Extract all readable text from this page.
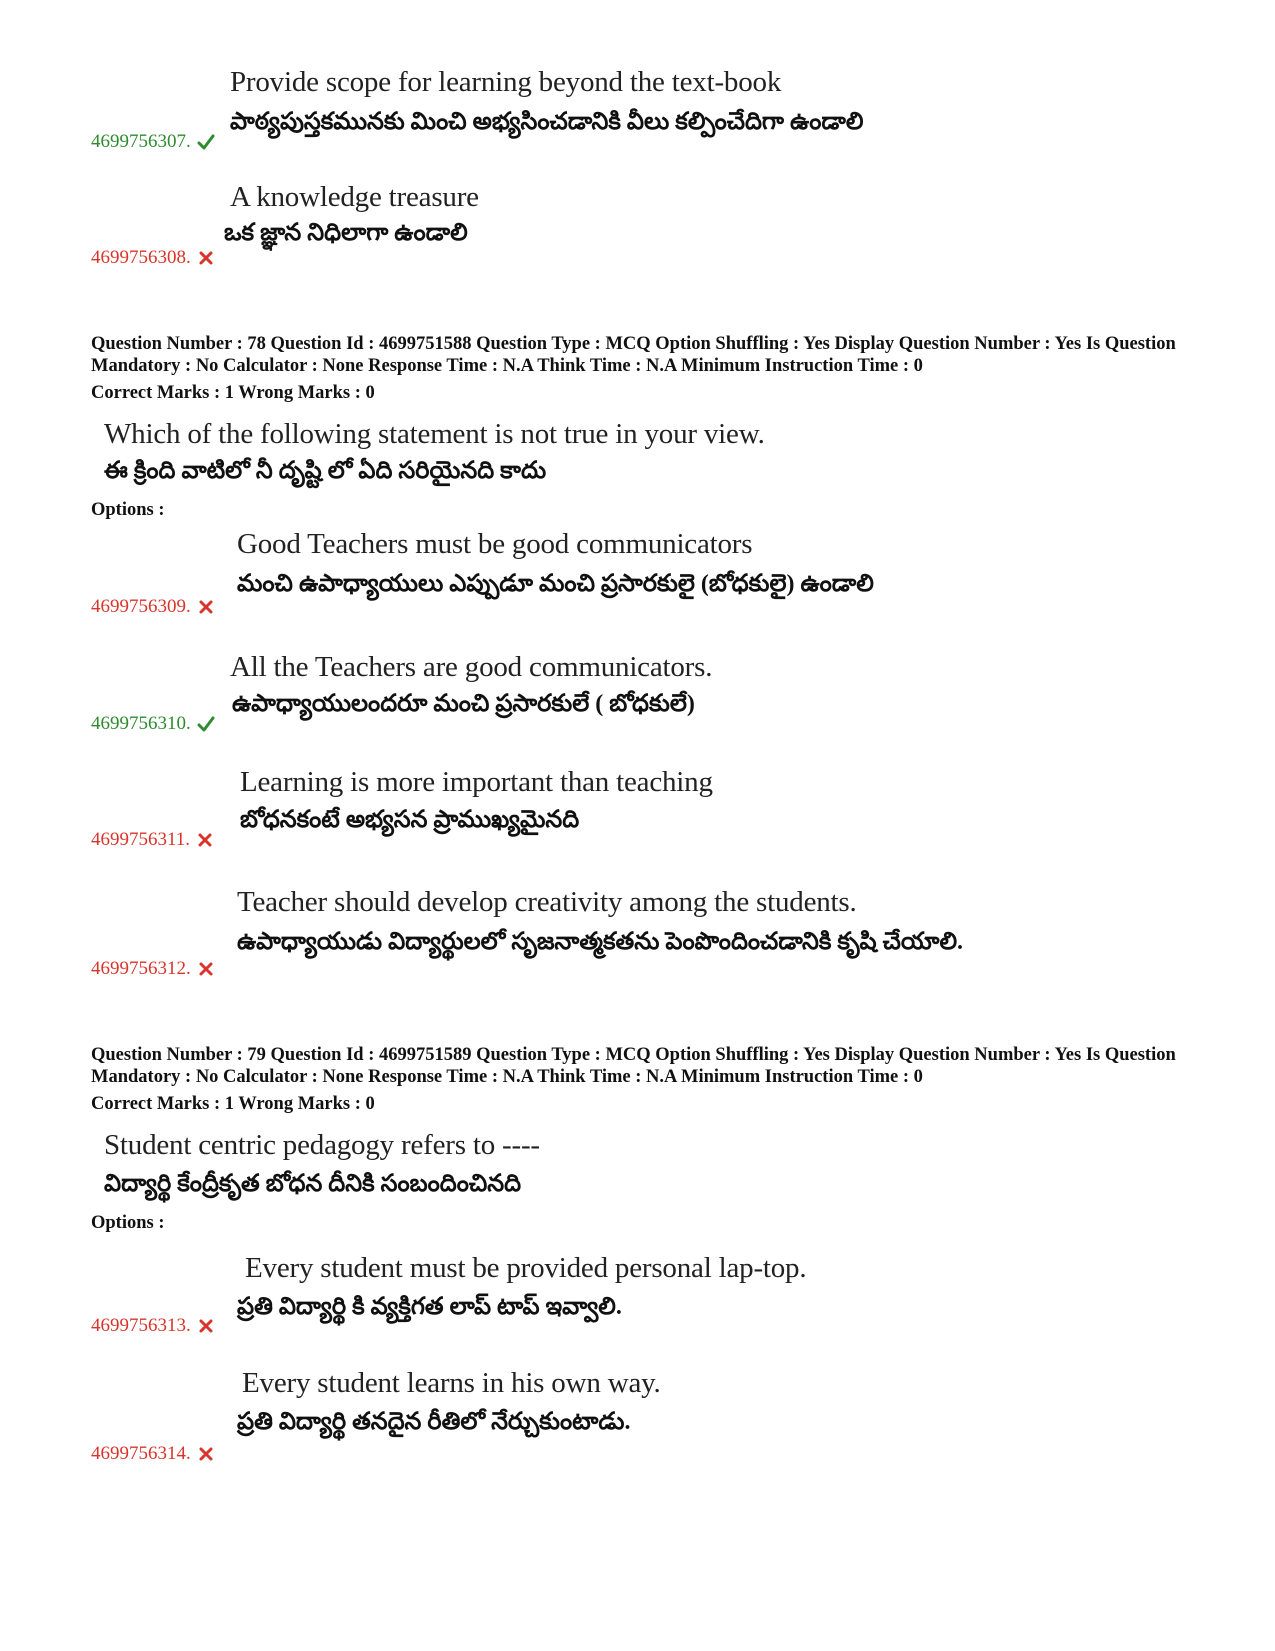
Provide scope for learning beyond the text-book
పాఠ్యపుస్తకమునకు మించి అభ్యసించడానికి వీలు కల్పించేదిగా ఉండాలి
4699756307.
A knowledge treasure
ఒక జ్ఞాన నిధిలాగా ఉండాలి
4699756308.
Question Number : 78 Question Id : 4699751588 Question Type : MCQ Option Shuffling : Yes Display Question Number : Yes Is Question Mandatory : No Calculator : None Response Time : N.A Think Time : N.A Minimum Instruction Time : 0
Correct Marks : 1 Wrong Marks : 0
Which of the following statement is not true in your view.
ఈ క్రింది వాటిలో నీ దృష్టి లో ఏది సరియైనది కాదు
Options :
Good Teachers must be good communicators
మంచి ఉపాధ్యాయులు ఎప్పుడూ మంచి ప్రసారకులై (బోధకులై) ఉండాలి
4699756309.
All the Teachers are good communicators.
ఉపాధ్యాయులందరూ మంచి ప్రసారకులే ( బోధకులే)
4699756310.
Learning is more important than teaching
బోధనకంటే అభ్యసన ప్రాముఖ్యమైనది
4699756311.
Teacher should develop creativity among the students.
ఉపాధ్యాయుడు విద్యార్థులలో సృజనాత్మకతను పెంపొందించడానికి కృషి చేయాలి.
4699756312.
Question Number : 79 Question Id : 4699751589 Question Type : MCQ Option Shuffling : Yes Display Question Number : Yes Is Question Mandatory : No Calculator : None Response Time : N.A Think Time : N.A Minimum Instruction Time : 0
Correct Marks : 1 Wrong Marks : 0
Student centric pedagogy refers to ----
విద్యార్థి కేంద్రీకృత బోధన దీనికి సంబందించినది
Options :
Every student must be provided personal lap-top.
ప్రతి విద్యార్థి కి వ్యక్తిగత లాప్ టాప్ ఇవ్వాలి.
4699756313.
Every student learns in his own way.
ప్రతి విద్యార్థి తనదైన రీతిలో నేర్చుకుంటాడు.
4699756314.
